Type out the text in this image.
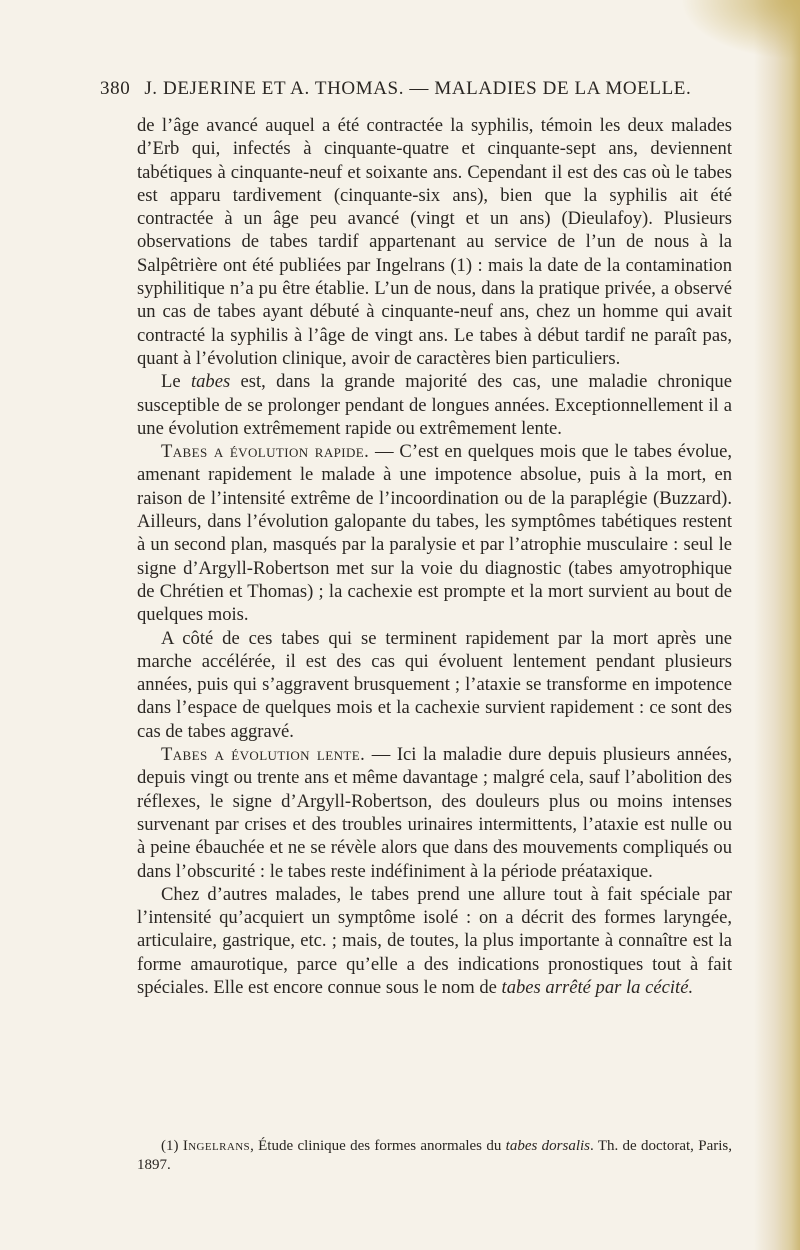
380 J. DEJERINE ET A. THOMAS. — MALADIES DE LA MOELLE.

de l’âge avancé auquel a été contractée la syphilis, témoin les deux malades d’Erb qui, infectés à cinquante-quatre et cinquante-sept ans, deviennent tabétiques à cinquante-neuf et soixante ans. Cependant il est des cas où le tabes est apparu tardivement (cinquante-six ans), bien que la syphilis ait été contractée à un âge peu avancé (vingt et un ans) (Dieulafoy). Plusieurs observations de tabes tardif appartenant au service de l’un de nous à la Salpêtrière ont été publiées par Ingelrans (1) : mais la date de la contamination syphilitique n’a pu être établie. L’un de nous, dans la pratique privée, a observé un cas de tabes ayant débuté à cinquante-neuf ans, chez un homme qui avait contracté la syphilis à l’âge de vingt ans. Le tabes à début tardif ne paraît pas, quant à l’évolution clinique, avoir de caractères bien particuliers.

Le tabes est, dans la grande majorité des cas, une maladie chronique susceptible de se prolonger pendant de longues années. Exceptionnellement il a une évolution extrêmement rapide ou extrêmement lente.

Tabes a évolution rapide. — C’est en quelques mois que le tabes évolue, amenant rapidement le malade à une impotence absolue, puis à la mort, en raison de l’intensité extrême de l’incoordination ou de la paraplégie (Buzzard). Ailleurs, dans l’évolution galopante du tabes, les symptômes tabétiques restent à un second plan, masqués par la paralysie et par l’atrophie musculaire : seul le signe d’Argyll-Robertson met sur la voie du diagnostic (tabes amyotrophique de Chrétien et Thomas) ; la cachexie est prompte et la mort survient au bout de quelques mois.

A côté de ces tabes qui se terminent rapidement par la mort après une marche accélérée, il est des cas qui évoluent lentement pendant plusieurs années, puis qui s’aggravent brusquement ; l’ataxie se transforme en impotence dans l’espace de quelques mois et la cachexie survient rapidement : ce sont des cas de tabes aggravé.

Tabes a évolution lente. — Ici la maladie dure depuis plusieurs années, depuis vingt ou trente ans et même davantage ; malgré cela, sauf l’abolition des réflexes, le signe d’Argyll-Robertson, des douleurs plus ou moins intenses survenant par crises et des troubles urinaires intermittents, l’ataxie est nulle ou à peine ébauchée et ne se révèle alors que dans des mouvements compliqués ou dans l’obscurité : le tabes reste indéfiniment à la période préataxique.

Chez d’autres malades, le tabes prend une allure tout à fait spéciale par l’intensité qu’acquiert un symptôme isolé : on a décrit des formes laryngée, articulaire, gastrique, etc. ; mais, de toutes, la plus importante à connaître est la forme amaurotique, parce qu’elle a des indications pronostiques tout à fait spéciales. Elle est encore connue sous le nom de tabes arrêté par la cécité.

(1) Ingelrans, Étude clinique des formes anormales du tabes dorsalis. Th. de doctorat, Paris, 1897.
